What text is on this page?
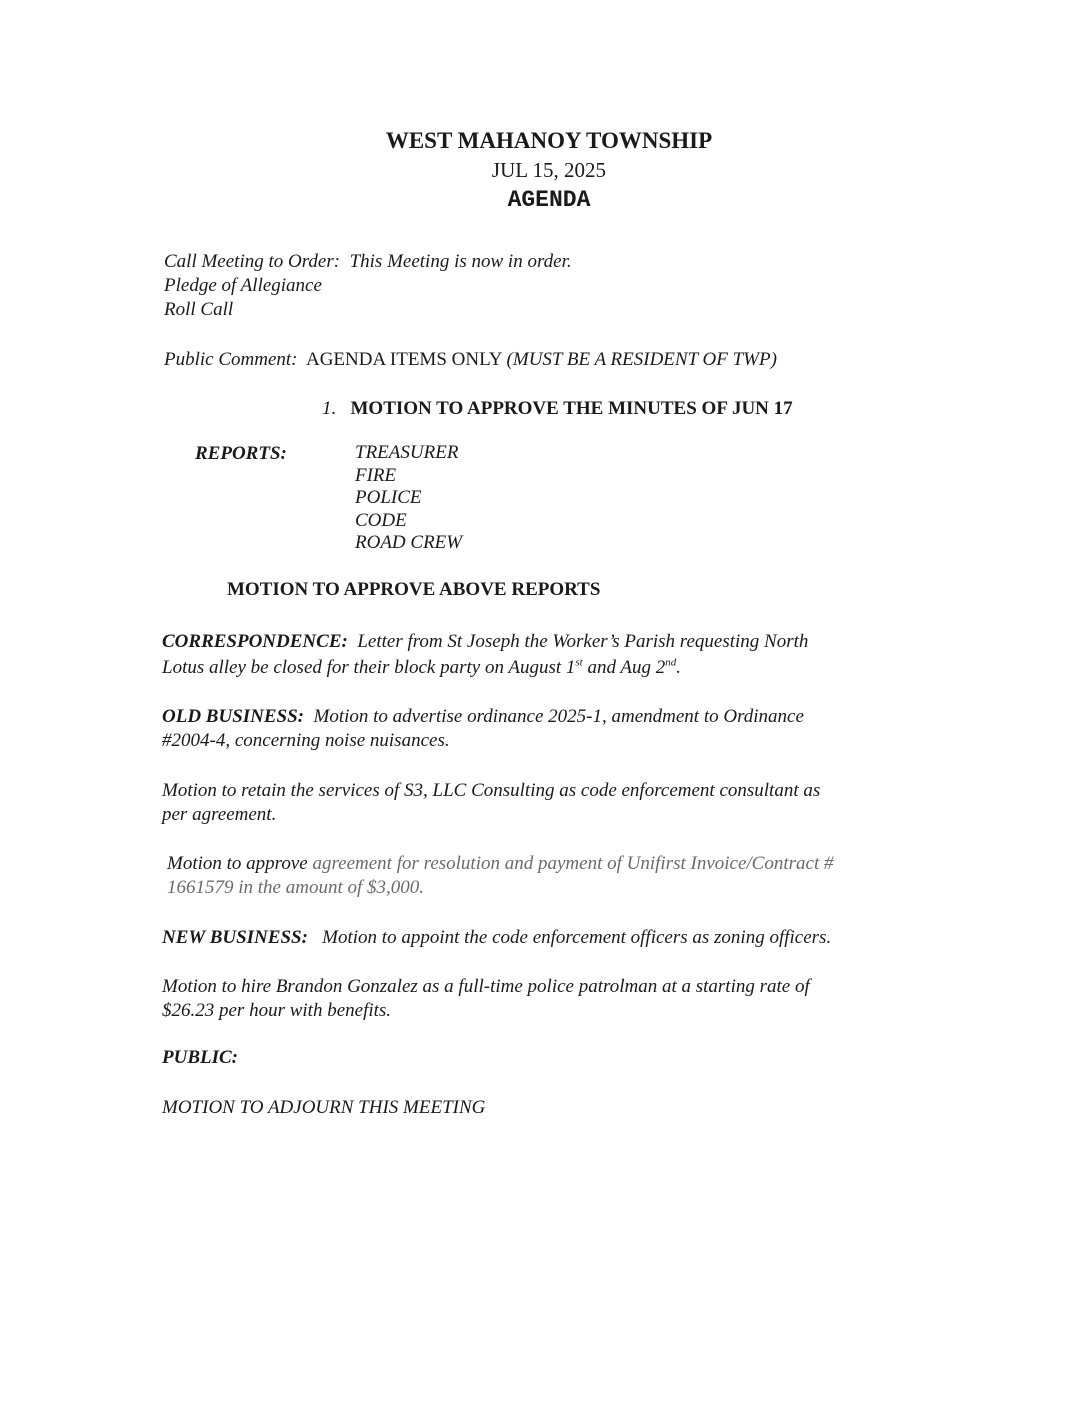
WEST MAHANOY TOWNSHIP
JUL 15, 2025
AGENDA
Call Meeting to Order: This Meeting is now in order.
Pledge of Allegiance
Roll Call
Public Comment: AGENDA ITEMS ONLY (MUST BE A RESIDENT OF TWP)
1. MOTION TO APPROVE THE MINUTES OF JUN 17
REPORTS:	TREASURER
FIRE
POLICE
CODE
ROAD CREW
MOTION TO APPROVE ABOVE REPORTS
CORRESPONDENCE: Letter from St Joseph the Worker’s Parish requesting North
Lotus alley be closed for their block party on August 1st and Aug 2nd.
OLD BUSINESS: Motion to advertise ordinance 2025-1, amendment to Ordinance
#2004-4, concerning noise nuisances.
Motion to retain the services of S3, LLC Consulting as code enforcement consultant as
per agreement.
Motion to approve agreement for resolution and payment of Unifirst Invoice/Contract #
1661579 in the amount of $3,000.
NEW BUSINESS: Motion to appoint the code enforcement officers as zoning officers.
Motion to hire Brandon Gonzalez as a full-time police patrolman at a starting rate of
$26.23 per hour with benefits.
PUBLIC:
MOTION TO ADJOURN THIS MEETING
